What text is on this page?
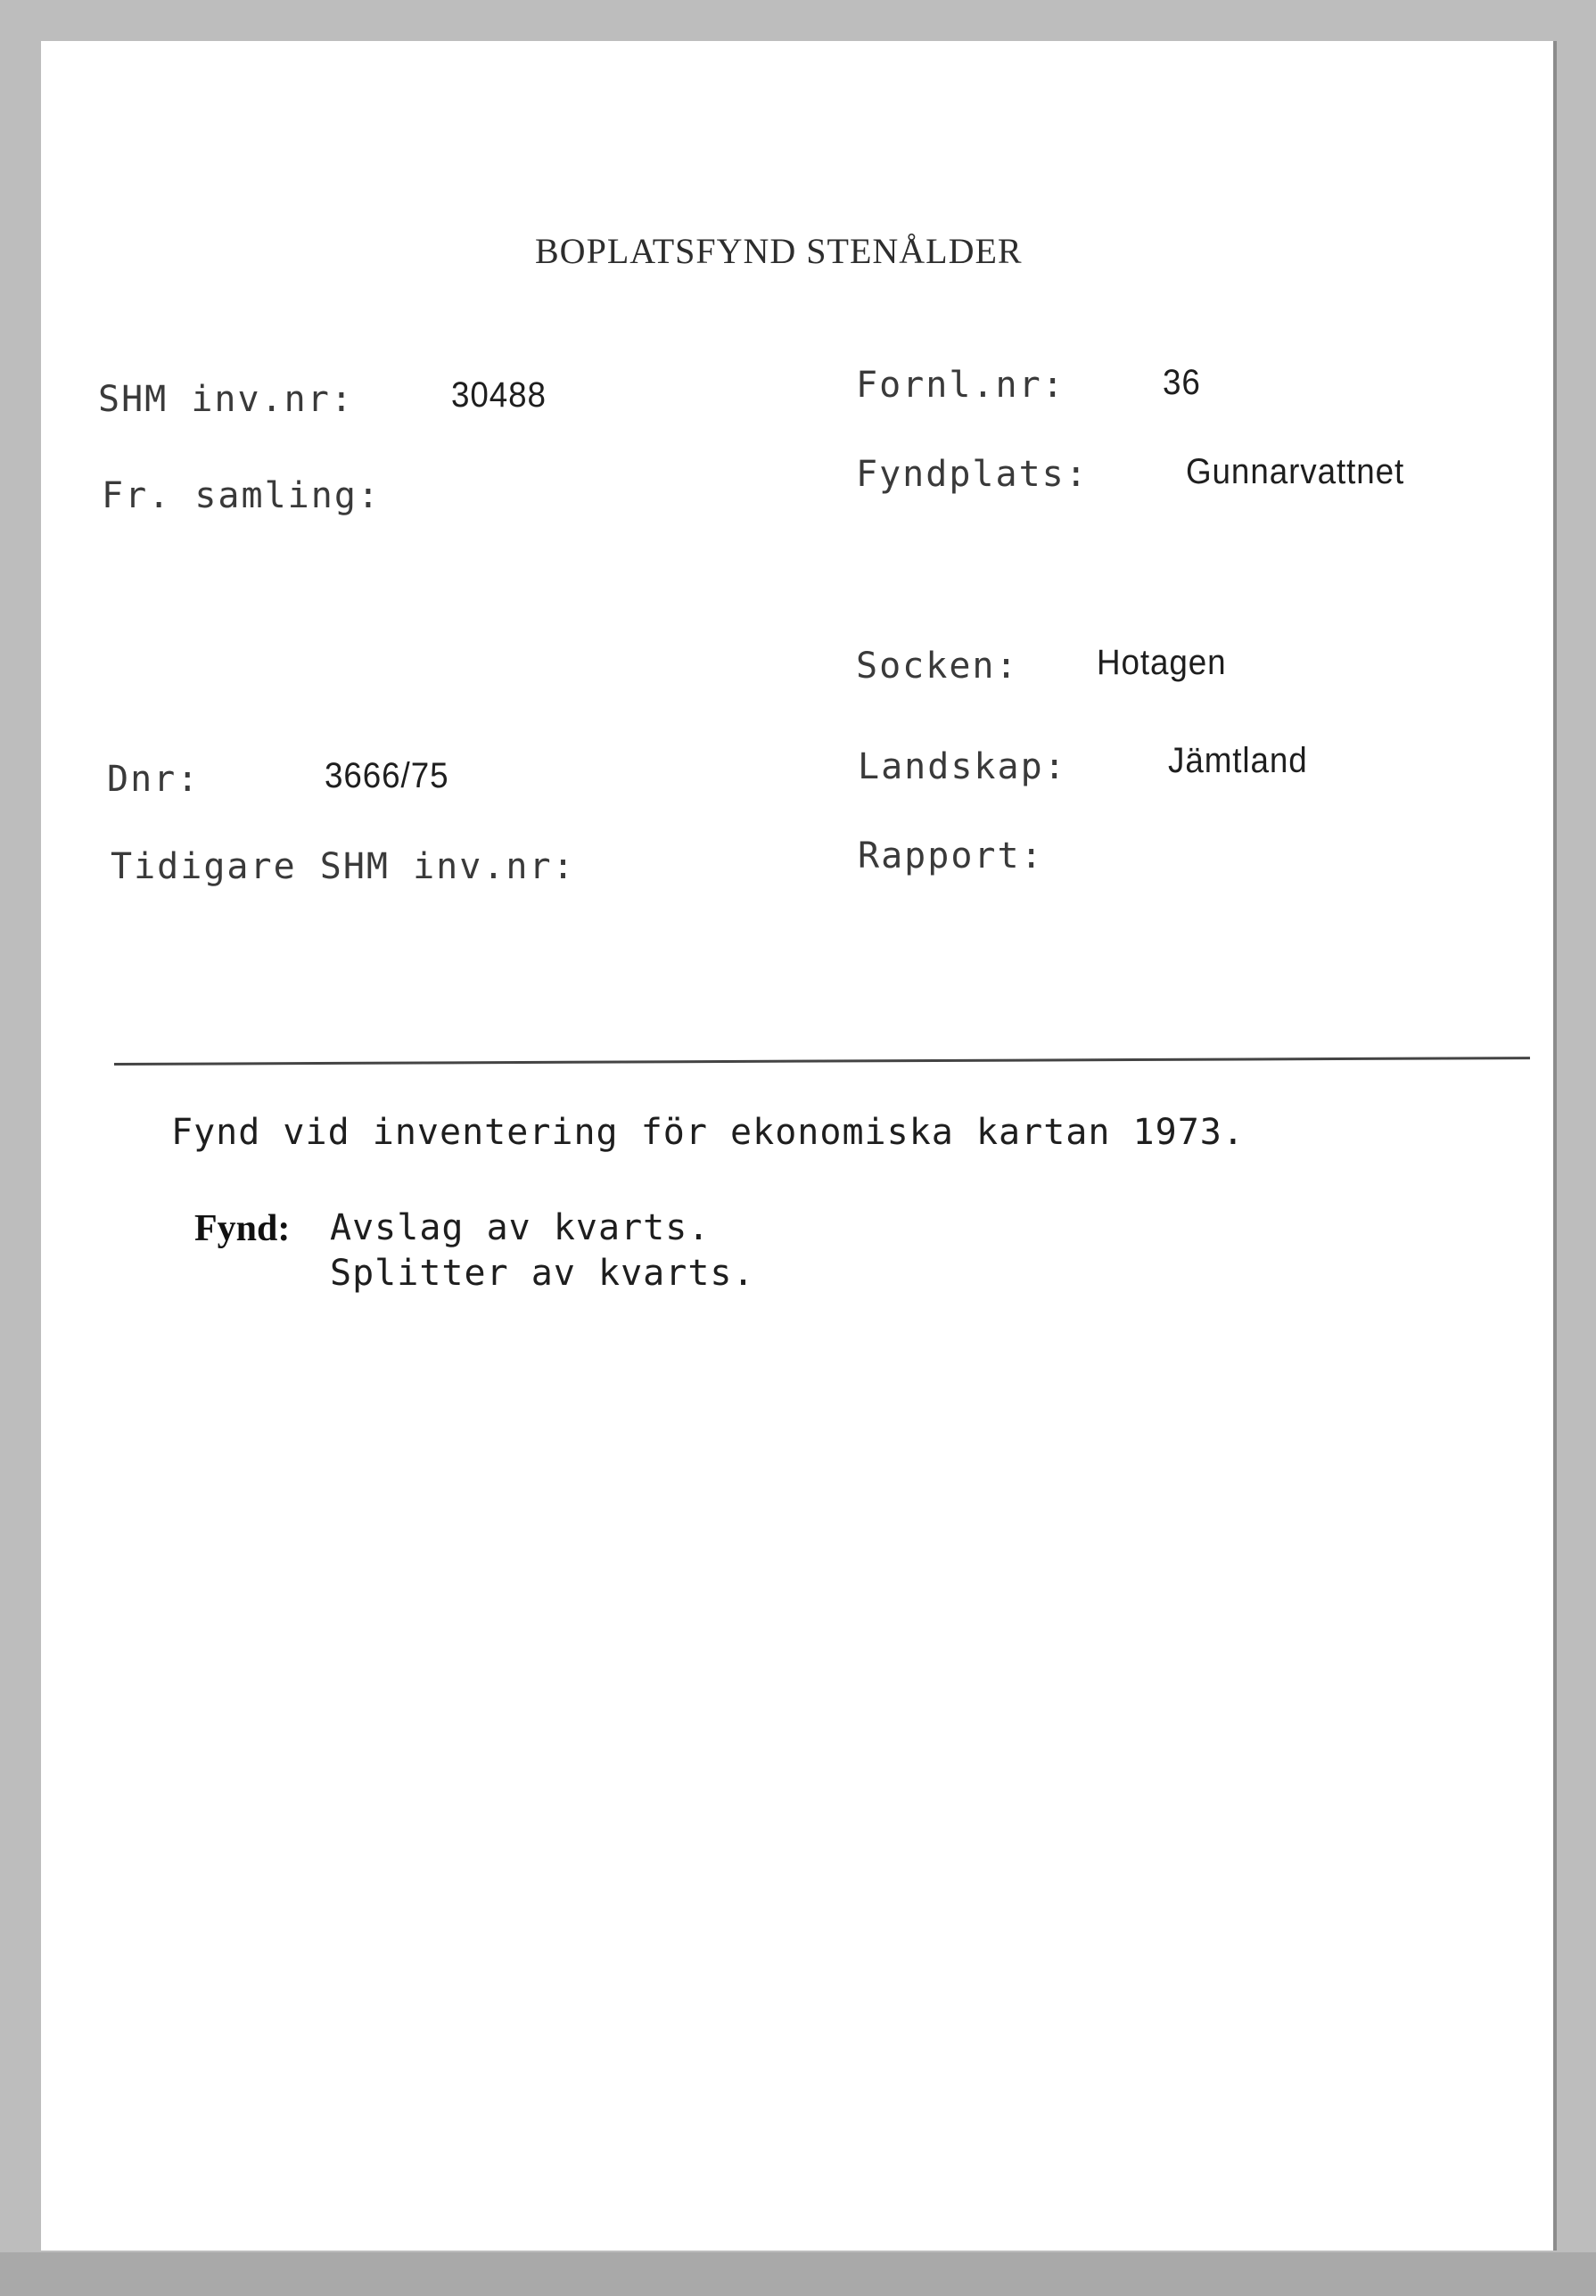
BOPLATSFYND STENÅLDER
SHM inv.nr:	30488	Fornl.nr:	36
Fr. samling:
Fyndplats:	Gunnarvattnet
Socken: Hotagen
Dnr:	3666/75	Landskap:	Jämtland
Tidigare SHM inv.nr:	Rapport:
Fynd vid inventering för ekonomiska kartan 1973.
Fynd: Avslag av kvarts.
Splitter av kvarts.
